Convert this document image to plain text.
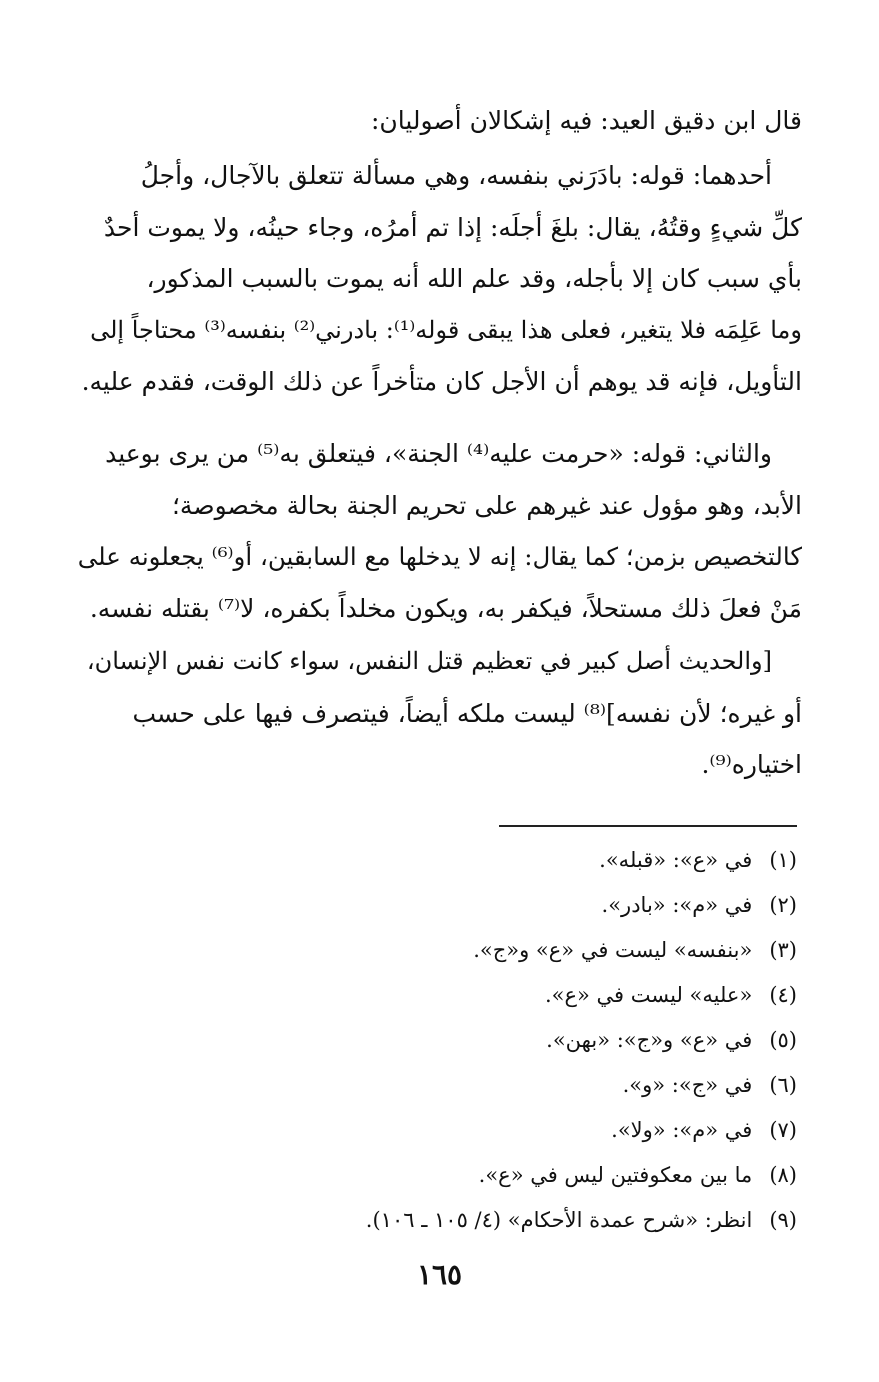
قال ابن دقيق العيد: فيه إشكالان أصوليان:
أحدهما: قوله: بادَرَني بنفسه، وهي مسألة تتعلق بالآجال، وأجلُ
كلِّ شيءٍ وقتُهُ، يقال: بلغَ أجلَه: إذا تم أمرُه، وجاء حينُه، ولا يموت أحدٌ
بأي سبب كان إلا بأجله، وقد علم الله أنه يموت بالسبب المذكور،
وما عَلِمَه فلا يتغير، فعلى هذا يبقى قوله⁽¹⁾: بادرني⁽²⁾ بنفسه⁽³⁾ محتاجاً إلى
التأويل، فإنه قد يوهم أن الأجل كان متأخراً عن ذلك الوقت، فقدم عليه.
والثاني: قوله: «حرمت عليه⁽⁴⁾ الجنة»، فيتعلق به⁽⁵⁾ من يرى بوعيد
الأبد، وهو مؤول عند غيرهم على تحريم الجنة بحالة مخصوصة؛
كالتخصيص بزمن؛ كما يقال: إنه لا يدخلها مع السابقين، أو⁽⁶⁾ يجعلونه على
مَنْ فعلَ ذلك مستحلاً، فيكفر به، ويكون مخلداً بكفره، لا⁽⁷⁾ بقتله نفسه.
[والحديث أصل كبير في تعظيم قتل النفس، سواء كانت نفس الإنسان،
أو غيره؛ لأن نفسه]⁽⁸⁾ ليست ملكه أيضاً، فيتصرف فيها على حسب
اختياره⁽⁹⁾.
(١) في «ع»: «قبله».
(٢) في «م»: «بادر».
(٣) «بنفسه» ليست في «ع» و«ج».
(٤) «عليه» ليست في «ع».
(٥) في «ع» و«ج»: «بهن».
(٦) في «ج»: «و».
(٧) في «م»: «ولا».
(٨) ما بين معكوفتين ليس في «ع».
(٩) انظر: «شرح عمدة الأحكام» (٤/ ١٠٥ ـ ١٠٦).
١٦٥
